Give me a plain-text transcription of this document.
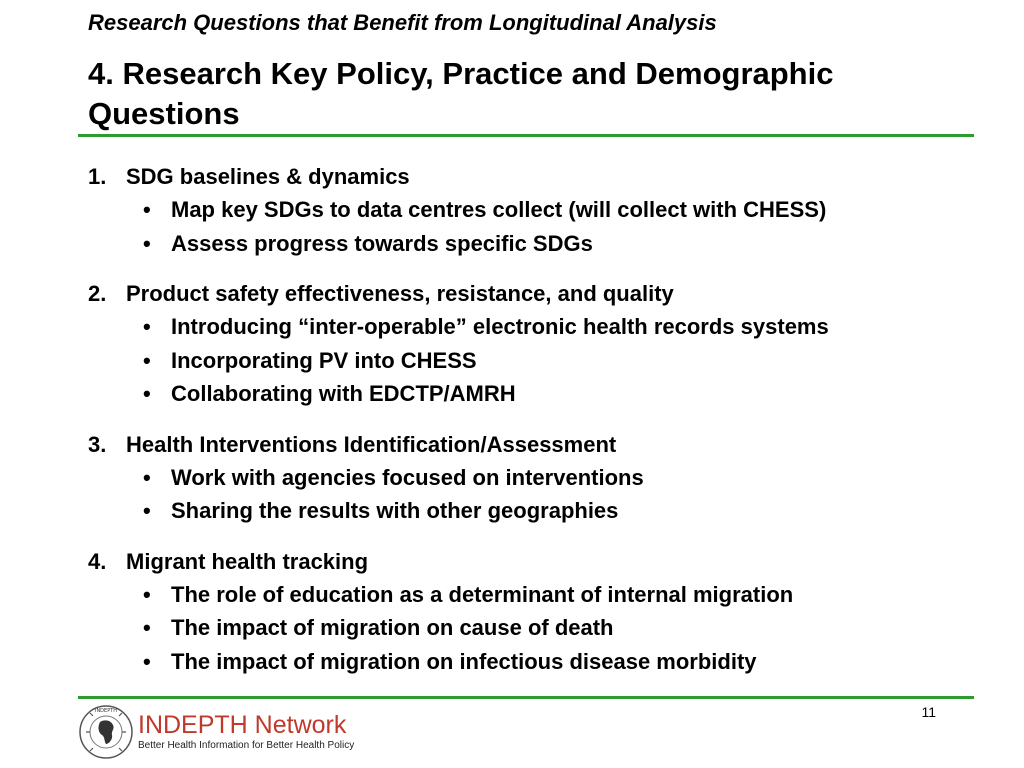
Research Questions that Benefit from Longitudinal Analysis
4. Research Key Policy, Practice and Demographic Questions
1. SDG baselines & dynamics
• Map key SDGs to data centres collect (will collect with CHESS)
• Assess progress towards specific SDGs
2. Product safety effectiveness, resistance, and quality
• Introducing “inter-operable” electronic health records systems
• Incorporating PV into CHESS
• Collaborating with EDCTP/AMRH
3. Health Interventions Identification/Assessment
• Work with agencies focused on interventions
• Sharing the results with other geographies
4. Migrant health tracking
• The role of education as a determinant of internal migration
• The impact of migration on cause of death
• The impact of migration on infectious disease morbidity
INDEPTH INDEPTH Network
Better Health Information for Better Health Policy
11
